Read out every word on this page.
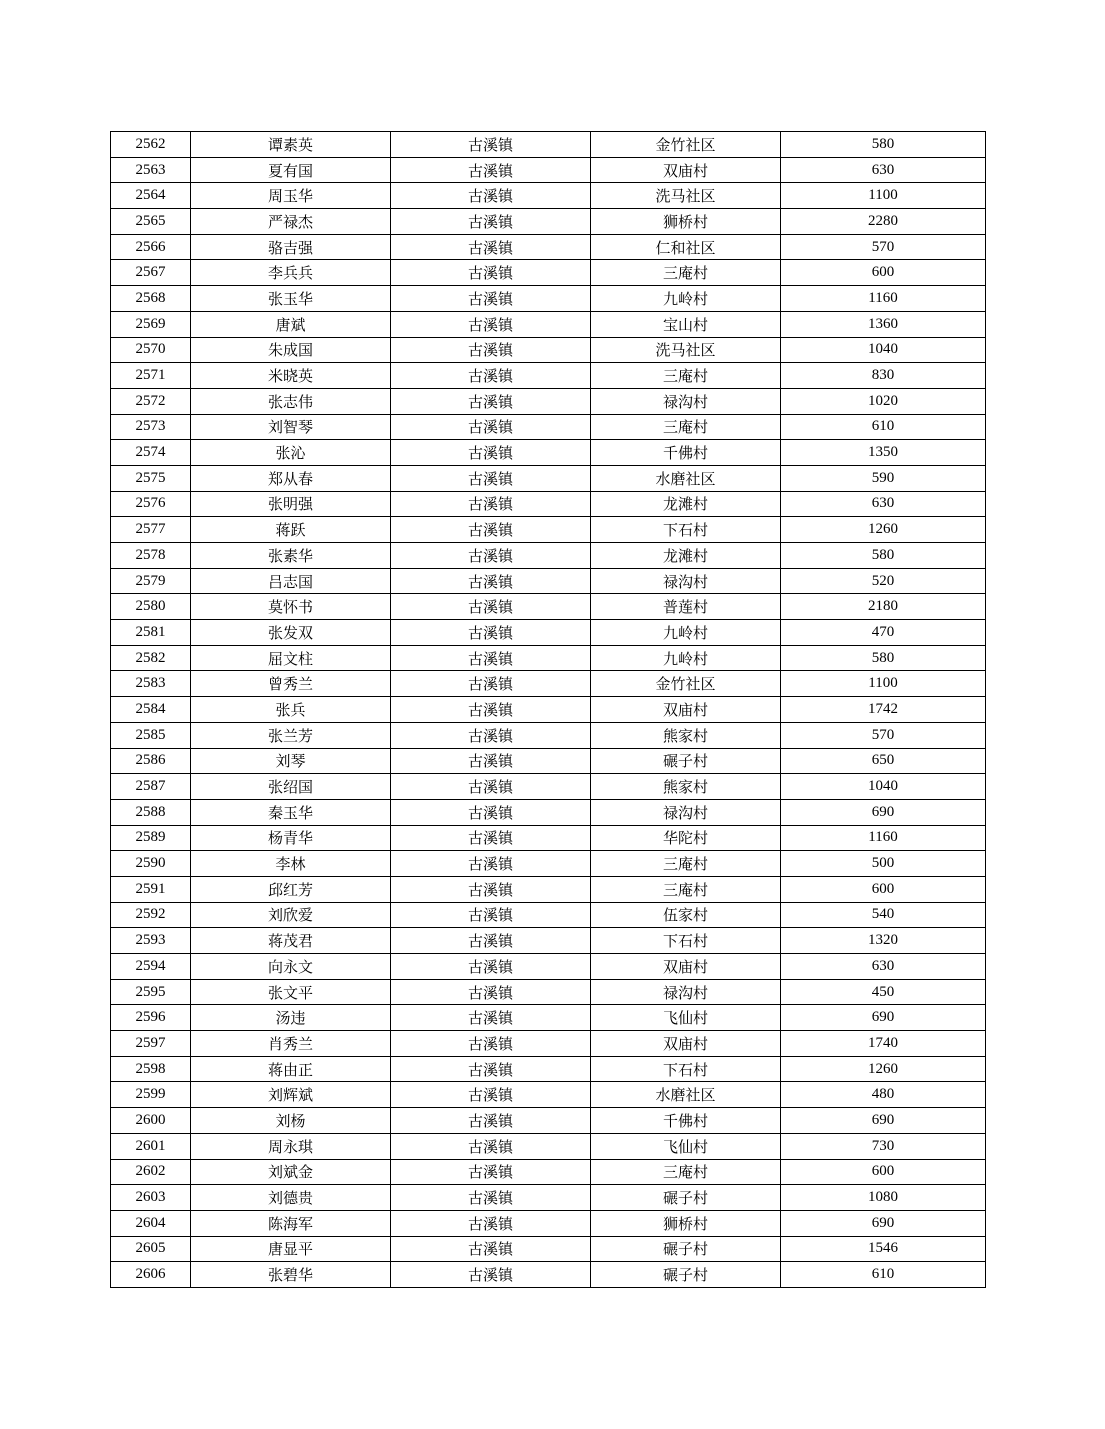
2562	谭素英	古溪镇	金竹社区	580
2563	夏有国	古溪镇	双庙村	630
2564	周玉华	古溪镇	洗马社区	1100
2565	严禄杰	古溪镇	狮桥村	2280
2566	骆吉强	古溪镇	仁和社区	570
2567	李兵兵	古溪镇	三庵村	600
2568	张玉华	古溪镇	九岭村	1160
2569	唐斌	古溪镇	宝山村	1360
2570	朱成国	古溪镇	洗马社区	1040
2571	米晓英	古溪镇	三庵村	830
2572	张志伟	古溪镇	禄沟村	1020
2573	刘智琴	古溪镇	三庵村	610
2574	张沁	古溪镇	千佛村	1350
2575	郑从春	古溪镇	水磨社区	590
2576	张明强	古溪镇	龙滩村	630
2577	蒋跃	古溪镇	下石村	1260
2578	张素华	古溪镇	龙滩村	580
2579	吕志国	古溪镇	禄沟村	520
2580	莫怀书	古溪镇	普莲村	2180
2581	张发双	古溪镇	九岭村	470
2582	屈文柱	古溪镇	九岭村	580
2583	曾秀兰	古溪镇	金竹社区	1100
2584	张兵	古溪镇	双庙村	1742
2585	张兰芳	古溪镇	熊家村	570
2586	刘琴	古溪镇	碾子村	650
2587	张绍国	古溪镇	熊家村	1040
2588	秦玉华	古溪镇	禄沟村	690
2589	杨青华	古溪镇	华陀村	1160
2590	李林	古溪镇	三庵村	500
2591	邱红芳	古溪镇	三庵村	600
2592	刘欣爱	古溪镇	伍家村	540
2593	蒋茂君	古溪镇	下石村	1320
2594	向永文	古溪镇	双庙村	630
2595	张文平	古溪镇	禄沟村	450
2596	汤违	古溪镇	飞仙村	690
2597	肖秀兰	古溪镇	双庙村	1740
2598	蒋由正	古溪镇	下石村	1260
2599	刘辉斌	古溪镇	水磨社区	480
2600	刘杨	古溪镇	千佛村	690
2601	周永琪	古溪镇	飞仙村	730
2602	刘斌金	古溪镇	三庵村	600
2603	刘德贵	古溪镇	碾子村	1080
2604	陈海军	古溪镇	狮桥村	690
2605	唐显平	古溪镇	碾子村	1546
2606	张碧华	古溪镇	碾子村	610
